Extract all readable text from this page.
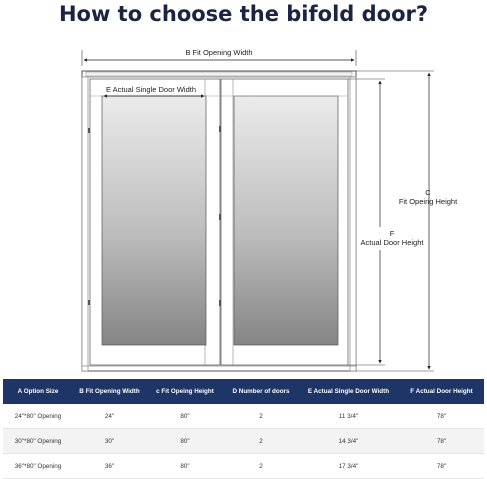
How to choose the bifold door?
B Fit Opening Width
E Actual Single Door Width
C
Fit Opeing Height
F
Actual Door Height
A Option Size	B Fit Opening Width	c Fit Opeing Height	D Number of doors	E Actual Single Door Width	F Actual Door Height
24"*80" Opening	24"	80"	2	11 3/4"	78"
30"*80" Opening	30"	80"	2	14 3/4"	78"
36"*80" Opening	36"	80"	2	17 3/4"	78"
